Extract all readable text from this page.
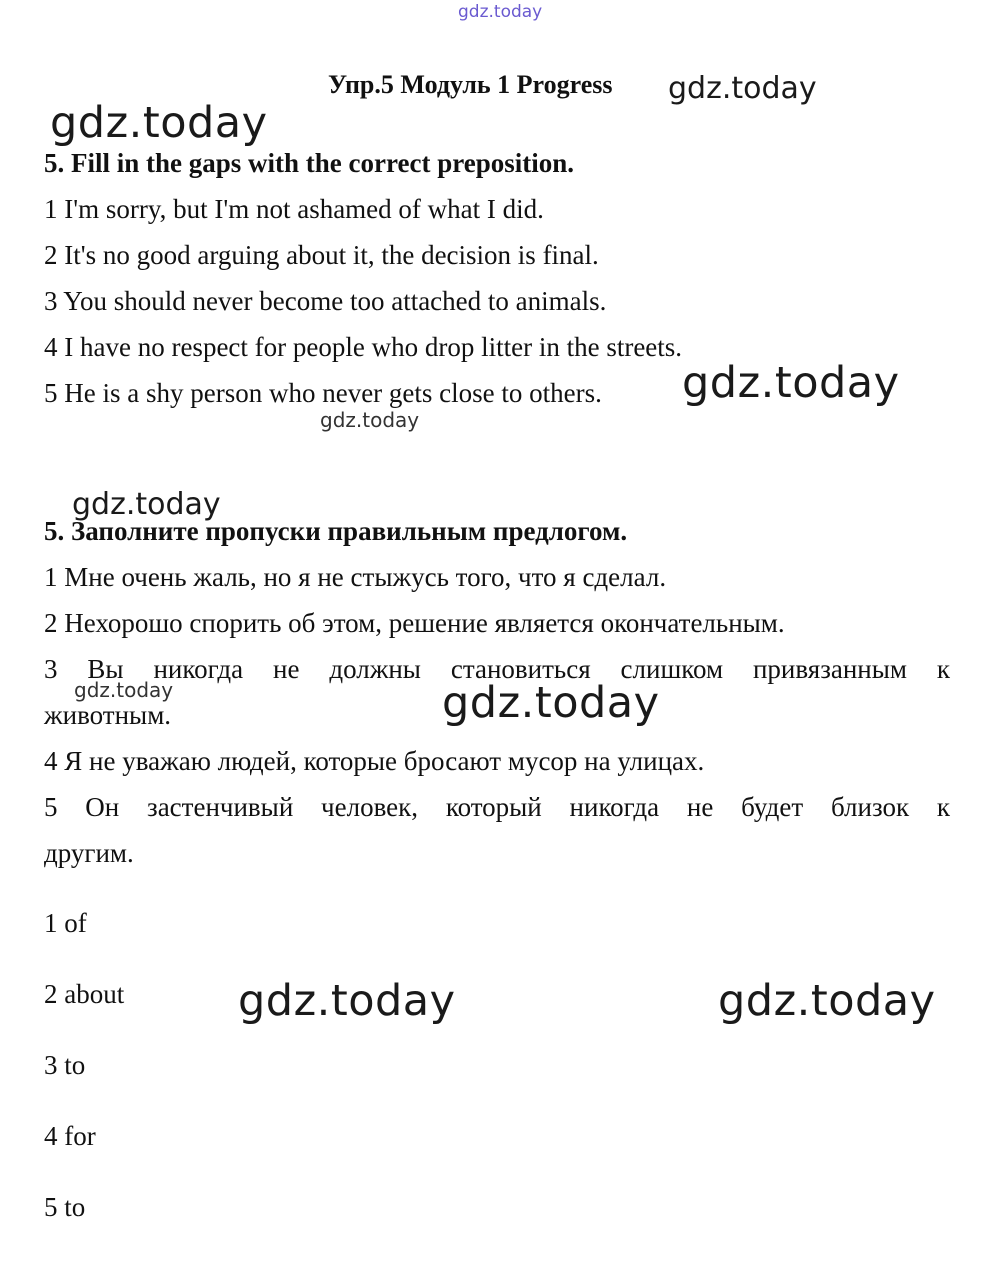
gdz.today
Упр.5 Модуль 1 Progress gdz.today
gdz.today
5. Fill in the gaps with the correct preposition.
1 I'm sorry, but I'm not ashamed of what I did.
2 It's no good arguing about it, the decision is final.
3 You should never become too attached to animals.
4 I have no respect for people who drop litter in the streets.
5 He is a shy person who never gets close to others. gdz.today
gdz.today
gdz.today
5. Заполните пропуски правильным предлогом.
1 Мне очень жаль, но я не стыжусь того, что я сделал.
2 Нехорошо спорить об этом, решение является окончательным.
3 Вы никогда не должны становиться слишком привязанным к
gdz.today
животным.	gdz.today
4 Я не уважаю людей, которые бросают мусор на улицах.
5 Он застенчивый человек, который никогда не будет близок к
другим.
1 of
2 about	gdz.today	gdz.today
3 to
4 for
5 to
